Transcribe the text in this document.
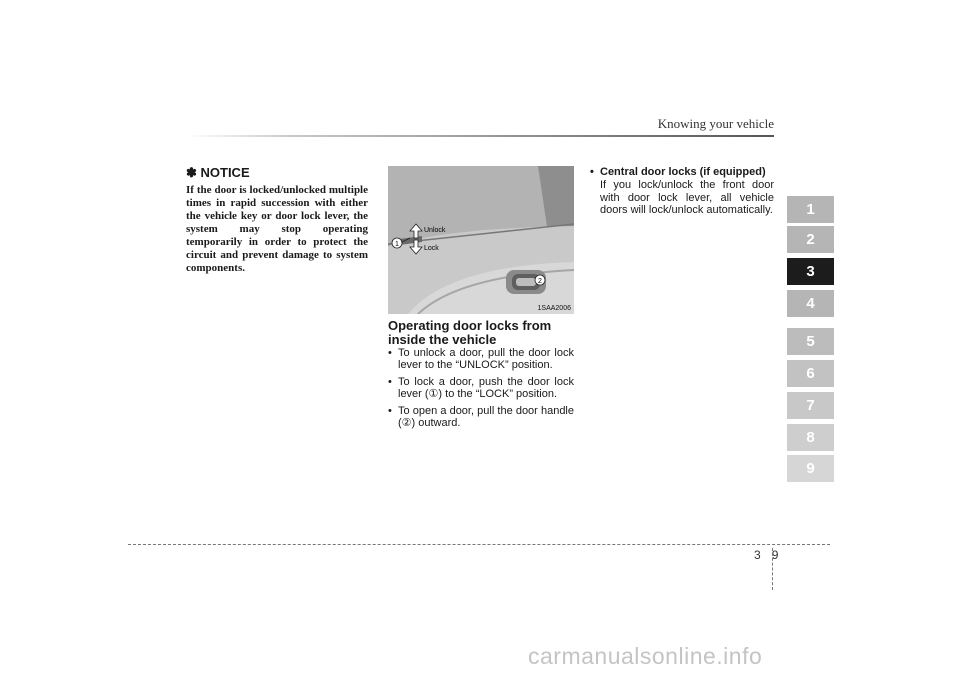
Knowing your vehicle
✽ NOTICE
If the door is locked/unlocked multiple times in rapid succession with either the vehicle key or door lock lever, the system may stop operating temporarily in order to protect the circuit and prevent damage to system components.
1
2
Unlock
Lock
1SAA2006
Operating door locks from inside the vehicle
• To unlock a door, pull the door lock lever to the “UNLOCK” position.
• To lock a door, push the door lock lever (①) to the “LOCK” position.
• To open a door, pull the door handle (②) outward.
• Central door locks (if equipped)
If you lock/unlock the front door with door lock lever, all vehicle doors will lock/unlock automatically.	1
2
3
4
5
6
7
8
9
3 9
carmanualsonline.info
